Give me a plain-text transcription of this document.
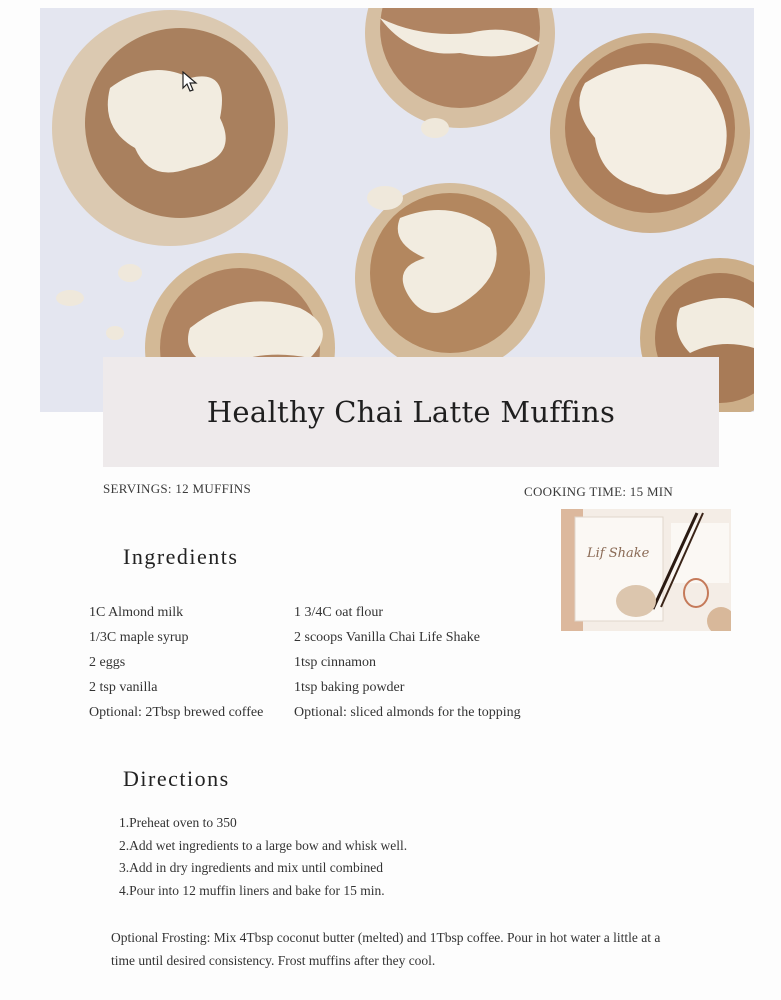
Healthy Chai Latte Muffins
SERVINGS: 12 MUFFINS	COOKING TIME: 15 MIN
Lif Shake
Ingredients
1C Almond milk
1/3C maple syrup
2 eggs
2 tsp vanilla
Optional: 2Tbsp brewed coffee
1 3/4C oat flour
2 scoops Vanilla Chai Life Shake
1tsp cinnamon
1tsp baking powder
Optional: sliced almonds for the topping
Directions
1.Preheat oven to 350
2.Add wet ingredients to a large bow and whisk well.
3.Add in dry ingredients and mix until combined
4.Pour into 12 muffin liners and bake for 15 min.

Optional Frosting: Mix 4Tbsp coconut butter (melted) and 1Tbsp coffee. Pour in hot water a little at a time until desired consistency. Frost muffins after they cool.
